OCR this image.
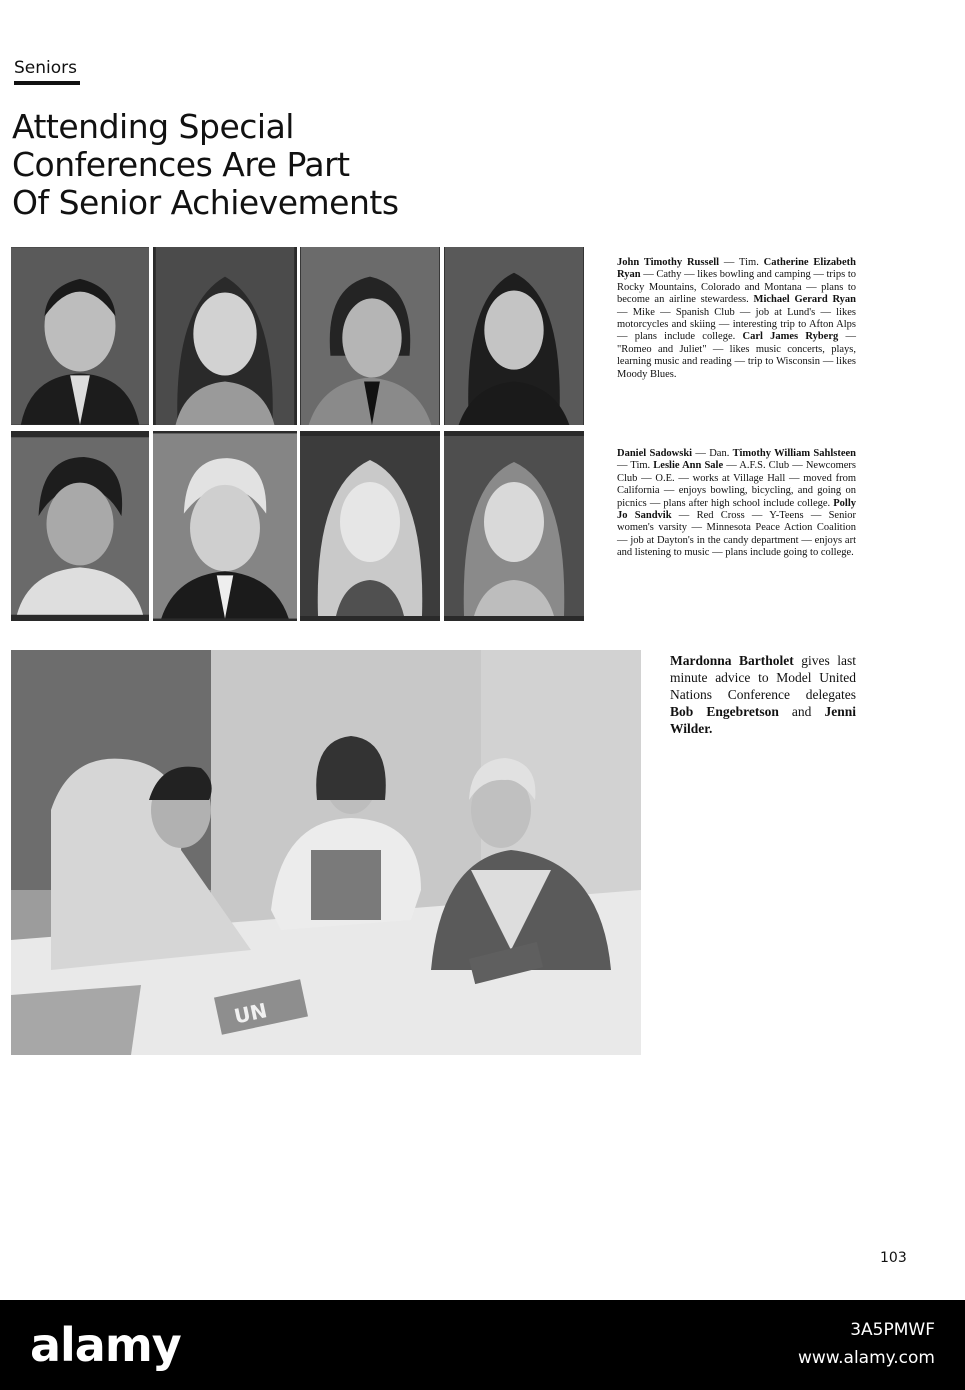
Seniors
Attending Special
Conferences Are Part
Of Senior Achievements
John Timothy Russell — Tim. Catherine Elizabeth Ryan — Cathy — likes bowling and camping — trips to Rocky Mountains, Colorado and Montana — plans to become an airline stewardess. Michael Gerard Ryan — Mike — Spanish Club — job at Lund's — likes motorcycles and skiing — interesting trip to Afton Alps — plans include college. Carl James Ryberg — "Romeo and Juliet" — likes music concerts, plays, learning music and reading — trip to Wisconsin — likes Moody Blues.
Daniel Sadowski — Dan. Timothy William Sahlsteen — Tim. Leslie Ann Sale — A.F.S. Club — Newcomers Club — O.E. — works at Village Hall — moved from California — enjoys bowling, bicycling, and going on picnics — plans after high school include college. Polly Jo Sandvik — Red Cross — Y-Teens — Senior women's varsity — Minnesota Peace Action Coalition — job at Dayton's in the candy department — enjoys art and listening to music — plans include going to college.
UN
Mardonna Bartholet gives last minute advice to Model United Nations Conference delegates Bob Engebretson and Jenni Wilder.
103
alamy	3A5PMWF
www.alamy.com
